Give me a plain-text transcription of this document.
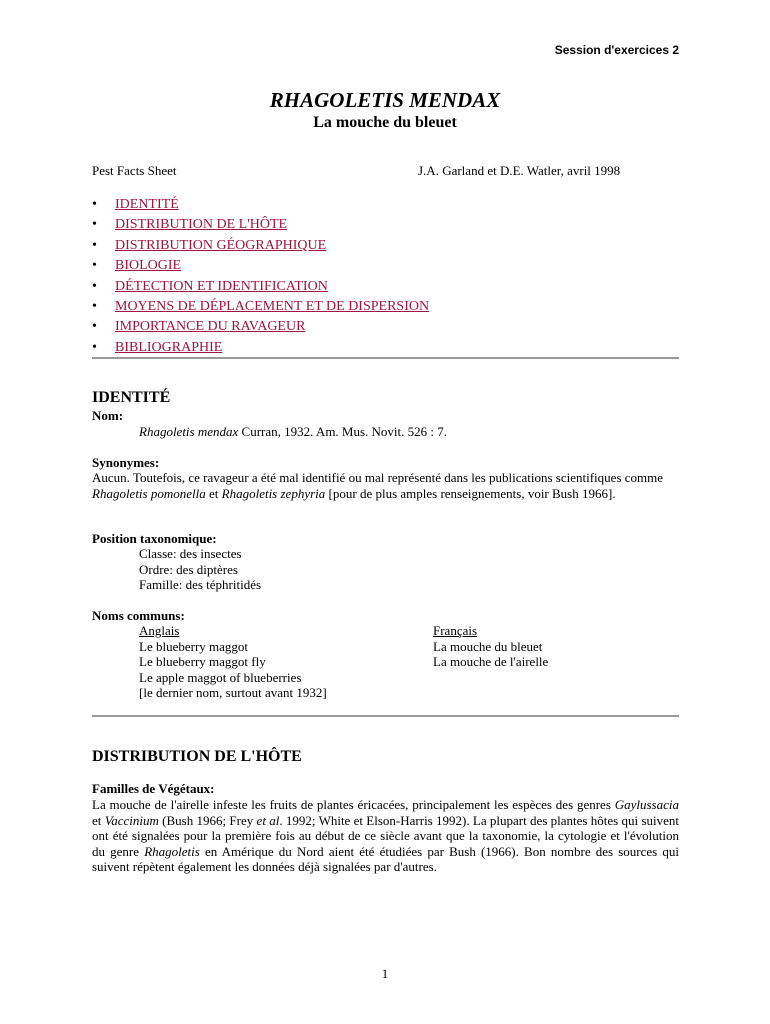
Session d'exercices 2
RHAGOLETIS MENDAX
La mouche du bleuet
Pest Facts Sheet	J.A. Garland et D.E. Watler, avril 1998
• IDENTITÉ
• DISTRIBUTION DE L'HÔTE
• DISTRIBUTION GÉOGRAPHIQUE
• BIOLOGIE
• DÉTECTION ET IDENTIFICATION
• MOYENS DE DÉPLACEMENT ET DE DISPERSION
• IMPORTANCE DU RAVAGEUR
• BIBLIOGRAPHIE
IDENTITÉ
Nom:
Rhagoletis mendax Curran, 1932. Am. Mus. Novit. 526 : 7.
Synonymes:
Aucun. Toutefois, ce ravageur a été mal identifié ou mal représenté dans les publications scientifiques comme Rhagoletis pomonella et Rhagoletis zephyria [pour de plus amples renseignements, voir Bush 1966].
Position taxonomique:
Classe: des insectes
Ordre: des diptères
Famille: des téphritidés
Noms communs:
Anglais
Le blueberry maggot
Le blueberry maggot fly
Le apple maggot of blueberries
[le dernier nom, surtout avant 1932]
Français
La mouche du bleuet
La mouche de l'airelle
DISTRIBUTION DE L'HÔTE
Familles de Végétaux:
La mouche de l'airelle infeste les fruits de plantes éricacées, principalement les espèces des genres Gaylussacia et Vaccinium (Bush 1966; Frey et al. 1992; White et Elson-Harris 1992). La plupart des plantes hôtes qui suivent ont été signalées pour la première fois au début de ce siècle avant que la taxonomie, la cytologie et l'évolution du genre Rhagoletis en Amérique du Nord aient été étudiées par Bush (1966). Bon nombre des sources qui suivent répètent également les données déjà signalées par d'autres.
1
